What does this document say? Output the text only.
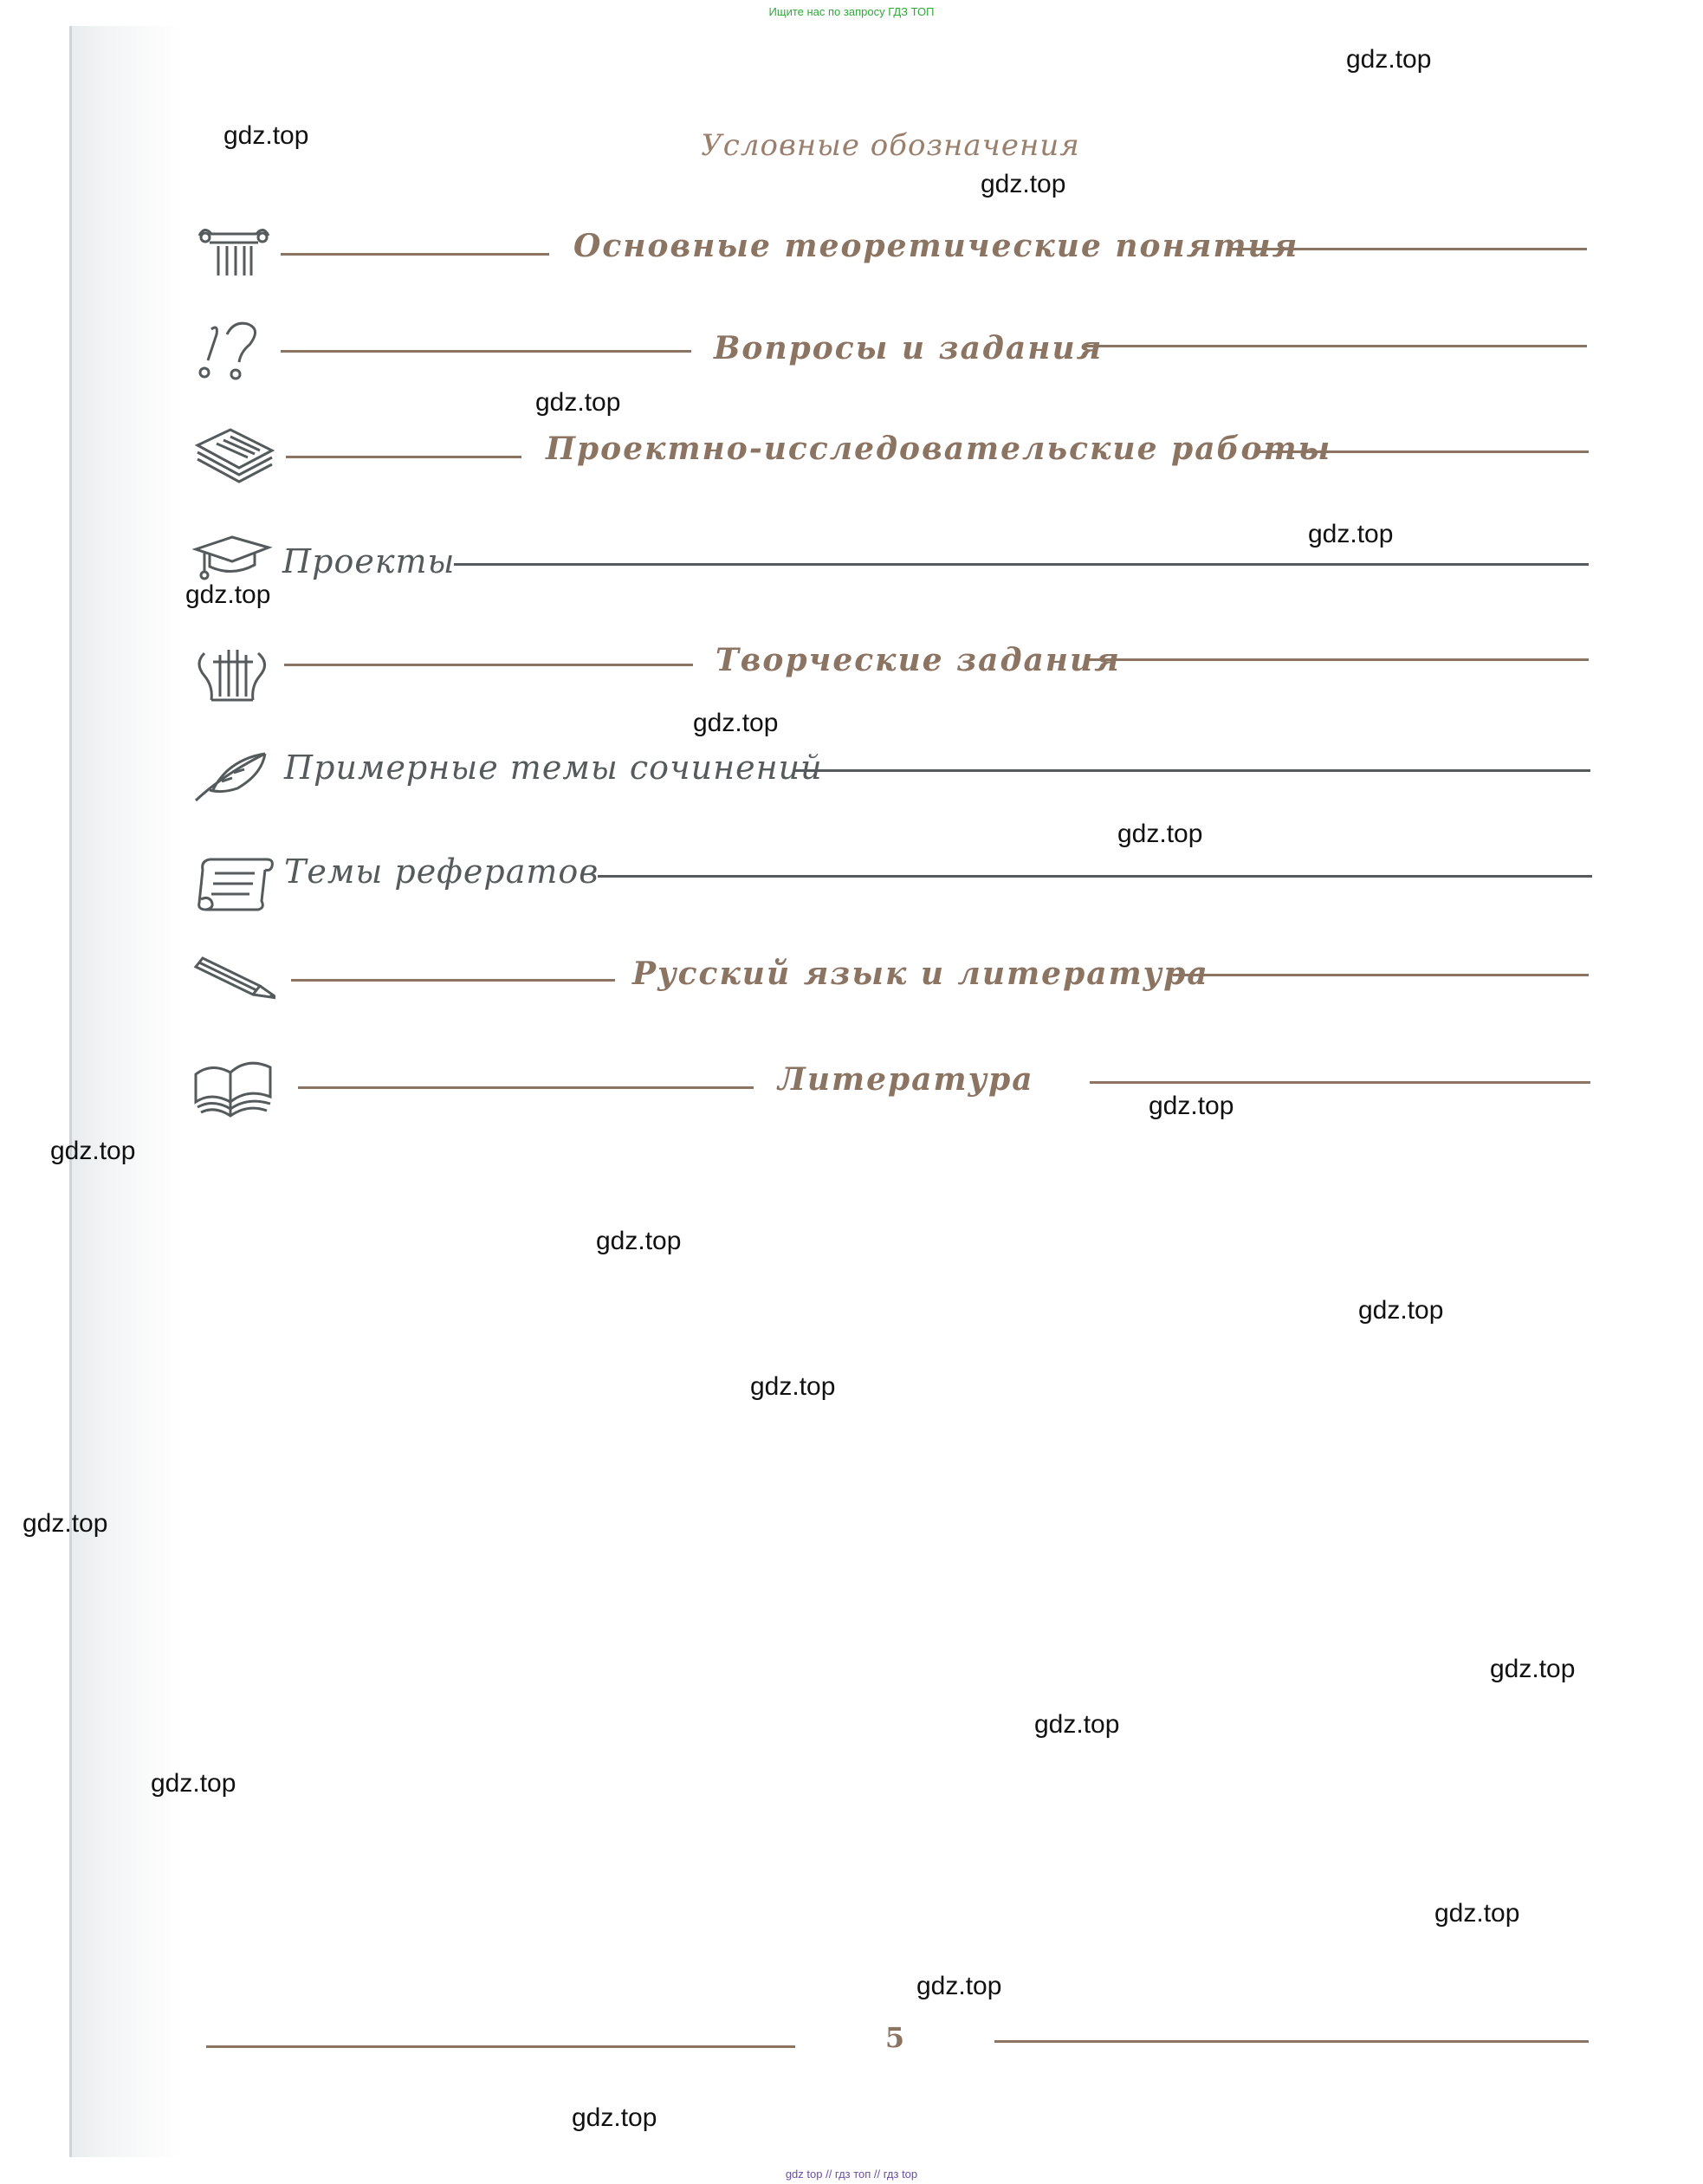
Ищите нас по запросу ГДЗ ТОП
Условные обозначения
Основные теоретические понятия
Вопросы и задания
Проектно-исследовательские работы
Проекты
Творческие задания
Примерные темы сочинений
Темы рефератов
Русский язык и литература
Литература
5
gdz.top
gdz.top
gdz.top
gdz.top
gdz.top
gdz.top
gdz.top
gdz.top
gdz.top
gdz.top
gdz.top
gdz.top
gdz.top
gdz.top
gdz.top
gdz.top
gdz.top
gdz.top
gdz.top
gdz.top
gdz top // гдз топ // гдз top
